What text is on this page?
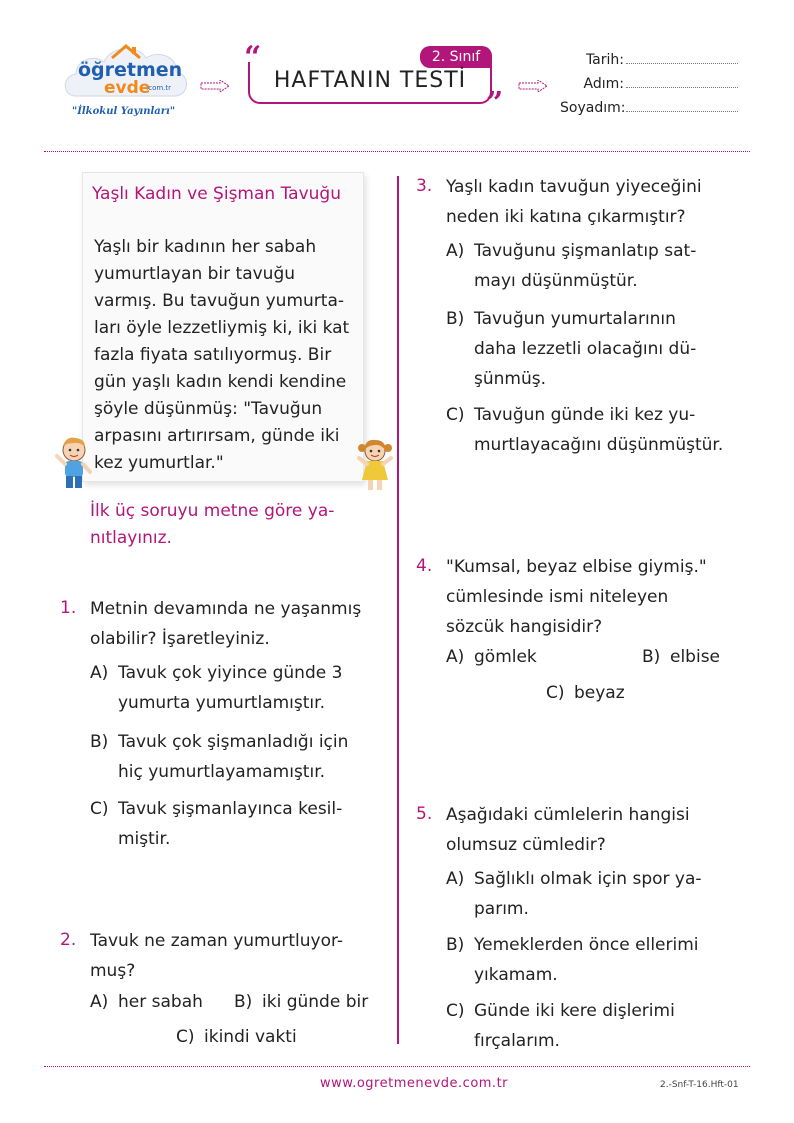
öğretmen
evde
.com.tr
"İlkokul Yayınları"
2. Sınıf
“
”
HAFTANIN TESTİ
Tarih:
Adım:
Soyadım:
Yaşlı Kadın ve Şişman Tavuğu
Yaşlı bir kadının her sabah
yumurtlayan bir tavuğu
varmış. Bu tavuğun yumurta-
ları öyle lezzetliymiş ki, iki kat
fazla fiyata satılıyormuş. Bir
gün yaşlı kadın kendi kendine
şöyle düşünmüş: "Tavuğun
arpasını artırırsam, günde iki
kez yumurtlar."
İlk üç soruyu metne göre ya-
nıtlayınız.
1. Metnin devamında ne yaşanmış
olabilir? İşaretleyiniz.
A) Tavuk çok yiyince günde 3
yumurta yumurtlamıştır.
B) Tavuk çok şişmanladığı için
hiç yumurtlayamamıştır.
C) Tavuk şişmanlayınca kesil-
miştir.
2. Tavuk ne zaman yumurtluyor-
muş?
A) her sabah B) iki günde bir
C) ikindi vakti
3. Yaşlı kadın tavuğun yiyeceğini
neden iki katına çıkarmıştır?
A) Tavuğunu şişmanlatıp sat-
mayı düşünmüştür.
B) Tavuğun yumurtalarının
daha lezzetli olacağını dü-
şünmüş.
C) Tavuğun günde iki kez yu-
murtlayacağını düşünmüştür.
4. "Kumsal, beyaz elbise giymiş."
cümlesinde ismi niteleyen
sözcük hangisidir?
A) gömlek	B) elbise
C) beyaz
5. Aşağıdaki cümlelerin hangisi
olumsuz cümledir?
A) Sağlıklı olmak için spor ya-
parım.
B) Yemeklerden önce ellerimi
yıkamam.
C) Günde iki kere dişlerimi
fırçalarım.
www.ogretmenevde.com.tr	2.-Snf-T-16.Hft-01
